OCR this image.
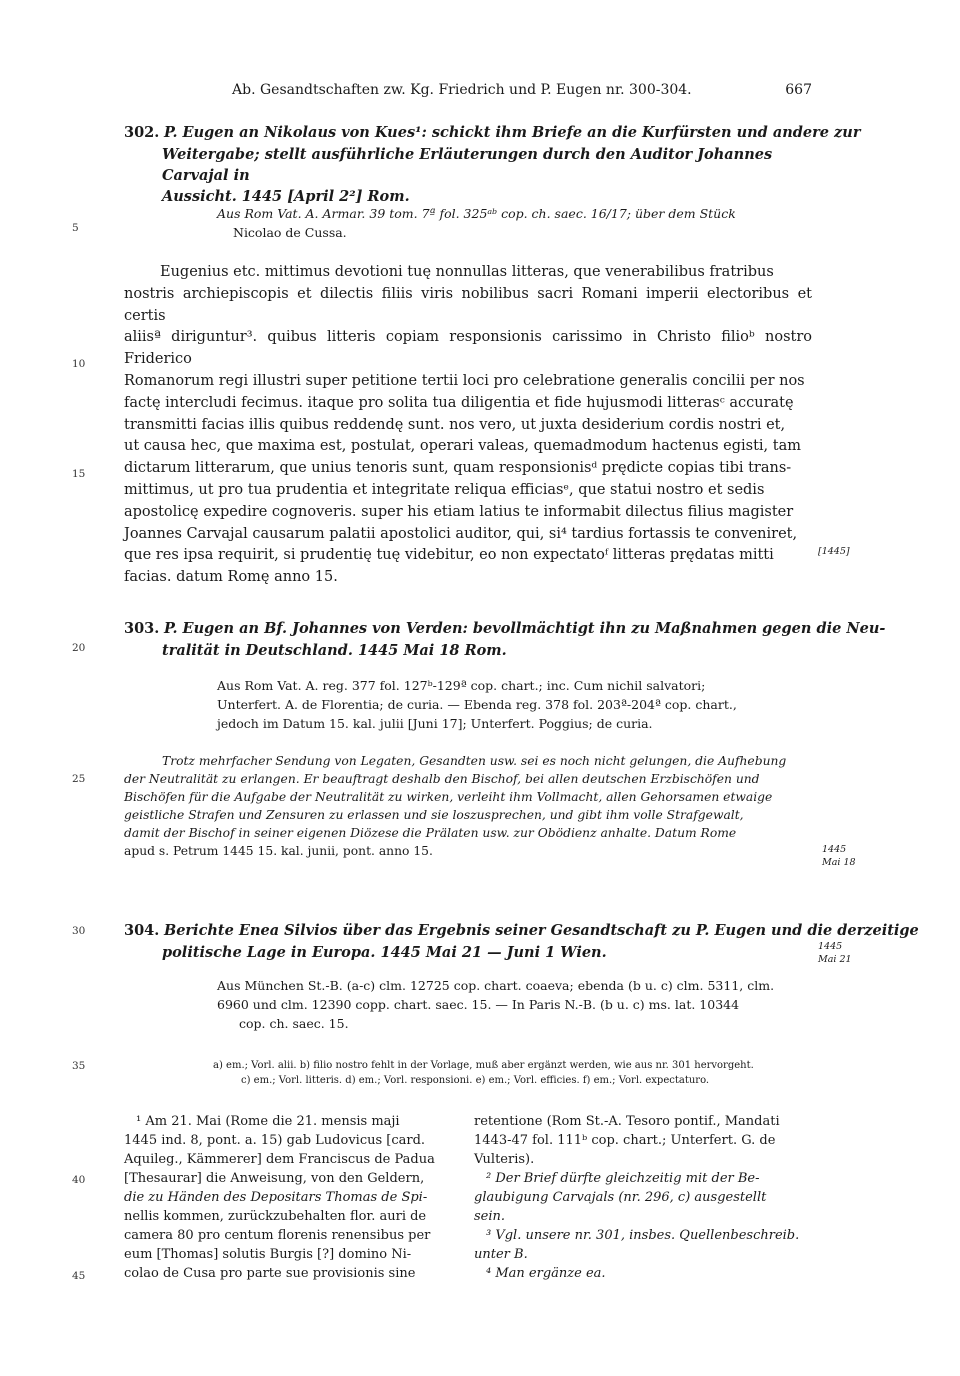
Ab. Gesandtschaften zw. Kg. Friedrich und P. Eugen nr. 300-304.	667
5
10
15
20
25
30
35
40
45
302. P. Eugen an Nikolaus von Kues¹: schickt ihm Briefe an die Kurfürsten und andere zur
Weitergabe; stellt ausführliche Erläuterungen durch den Auditor Johannes Carvajal in
Aussicht. 1445 [April 2²] Rom.
Aus Rom Vat. A. Armar. 39 tom. 7ª fol. 325ᵃᵇ cop. ch. saec. 16/17; über dem Stück
Nicolao de Cussa.
Eugenius etc. mittimus devotioni tuę nonnullas litteras, que venerabilibus fratribus
nostris archiepiscopis et dilectis filiis viris nobilibus sacri Romani imperii electoribus et certis
aliisª diriguntur³. quibus litteris copiam responsionis carissimo in Christo filioᵇ nostro Friderico
Romanorum regi illustri super petitione tertii loci pro celebratione generalis concilii per nos
factę intercludi fecimus. itaque pro solita tua diligentia et fide hujusmodi litterasᶜ accuratę
transmitti facias illis quibus reddendę sunt. nos vero, ut juxta desiderium cordis nostri et,
ut causa hec, que maxima est, postulat, operari valeas, quemadmodum hactenus egisti, tam
dictarum litterarum, que unius tenoris sunt, quam responsionisᵈ prędicte copias tibi trans-
mittimus, ut pro tua prudentia et integritate reliqua efficiasᵉ, que statui nostro et sedis
apostolicę expedire cognoveris. super his etiam latius te informabit dilectus filius magister
Joannes Carvajal causarum palatii apostolici auditor, qui, si⁴ tardius fortassis te conveniret,
que res ipsa requirit, si prudentię tuę videbitur, eo non expectatoᶠ litteras prędatas mitti
facias. datum Romę anno 15.
[1445]
303. P. Eugen an Bf. Johannes von Verden: bevollmächtigt ihn zu Maßnahmen gegen die Neu-
tralität in Deutschland. 1445 Mai 18 Rom.
Aus Rom Vat. A. reg. 377 fol. 127ᵇ-129ª cop. chart.; inc. Cum nichil salvatori;
Unterfert. A. de Florentia; de curia. — Ebenda reg. 378 fol. 203ª-204ª cop. chart.,
jedoch im Datum 15. kal. julii [Juni 17]; Unterfert. Poggius; de curia.
Trotz mehrfacher Sendung von Legaten, Gesandten usw. sei es noch nicht gelungen, die Aufhebung
der Neutralität zu erlangen. Er beauftragt deshalb den Bischof, bei allen deutschen Erzbischöfen und
Bischöfen für die Aufgabe der Neutralität zu wirken, verleiht ihm Vollmacht, allen Gehorsamen etwaige
geistliche Strafen und Zensuren zu erlassen und sie loszusprechen, und gibt ihm volle Strafgewalt,
damit der Bischof in seiner eigenen Diözese die Prälaten usw. zur Obödienz anhalte. Datum Rome
apud s. Petrum 1445 15. kal. junii, pont. anno 15.	1445
Mai 18
304. Berichte Enea Silvios über das Ergebnis seiner Gesandtschaft zu P. Eugen und die derzeitige
politische Lage in Europa. 1445 Mai 21 — Juni 1 Wien.	1445
Mai 21
Aus München St.-B. (a-c) clm. 12725 cop. chart. coaeva; ebenda (b u. c) clm. 5311, clm.
6960 und clm. 12390 copp. chart. saec. 15. — In Paris N.-B. (b u. c) ms. lat. 10344
cop. ch. saec. 15.
a) em.; Vorl. alii. b) filio nostro fehlt in der Vorlage, muß aber ergänzt werden, wie aus nr. 301 hervorgeht.
c) em.; Vorl. litteris. d) em.; Vorl. responsioni. e) em.; Vorl. efficies. f) em.; Vorl. expectaturo.
¹ Am 21. Mai (Rome die 21. mensis maji
1445 ind. 8, pont. a. 15) gab Ludovicus [card.
Aquileg., Kämmerer] dem Franciscus de Padua
[Thesaurar] die Anweisung, von den Geldern,
die zu Händen des Depositars Thomas de Spi-
nellis kommen, zurückzubehalten flor. auri de
camera 80 pro centum florenis renensibus per
eum [Thomas] solutis Burgis [?] domino Ni-
colao de Cusa pro parte sue provisionis sine
retentione (Rom St.-A. Tesoro pontif., Mandati
1443-47 fol. 111ᵇ cop. chart.; Unterfert. G. de
Vulteris).
² Der Brief dürfte gleichzeitig mit der Be-
glaubigung Carvajals (nr. 296, c) ausgestellt
sein.
³ Vgl. unsere nr. 301, insbes. Quellenbeschreib.
unter B.
⁴ Man ergänze ea.
